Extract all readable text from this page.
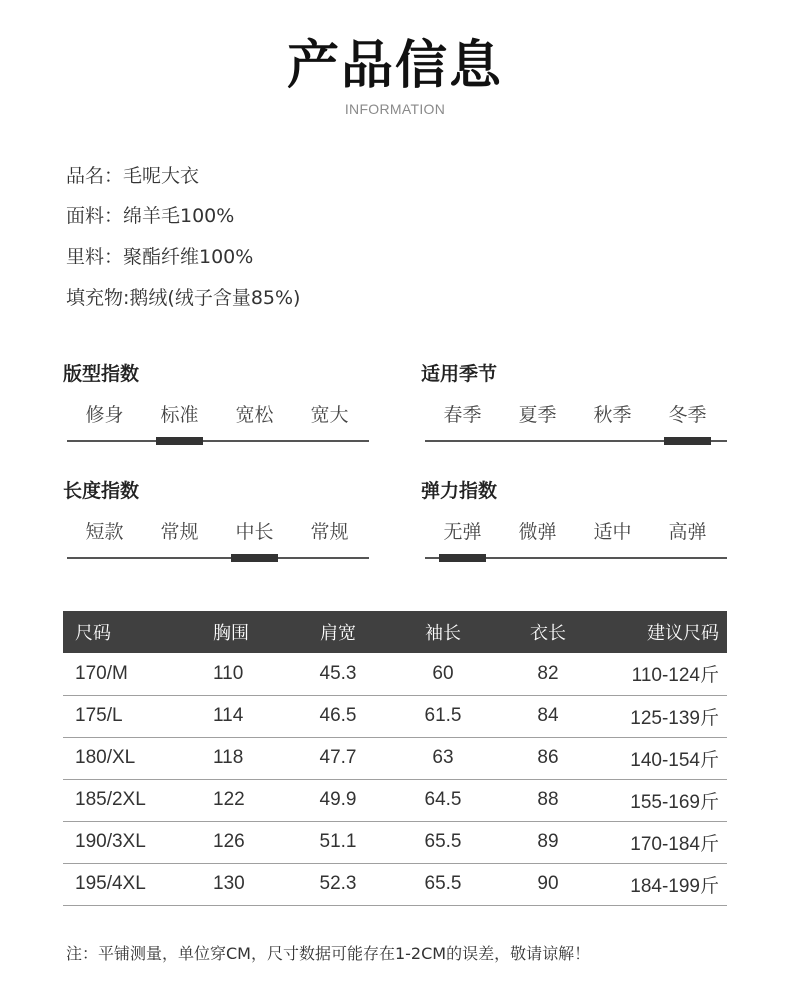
产品信息
INFORMATION
品名：毛呢大衣
面料：绵羊毛100%
里料：聚酯纤维100%
填充物:鹅绒(绒子含量85%)
版型指数
修身	标准	宽松	宽大
适用季节
春季	夏季	秋季	冬季
长度指数
短款	常规	中长	常规
弹力指数
无弹	微弹	适中	高弹
尺码	胸围	肩宽	袖长	衣长	建议尺码
170/M	110	45.3	60	82	110-124斤
175/L	114	46.5	61.5	84	125-139斤
180/XL	118	47.7	63	86	140-154斤
185/2XL	122	49.9	64.5	88	155-169斤
190/3XL	126	51.1	65.5	89	170-184斤
195/4XL	130	52.3	65.5	90	184-199斤
注：平铺测量，单位穿CM，尺寸数据可能存在1-2CM的误差，敬请谅解！
